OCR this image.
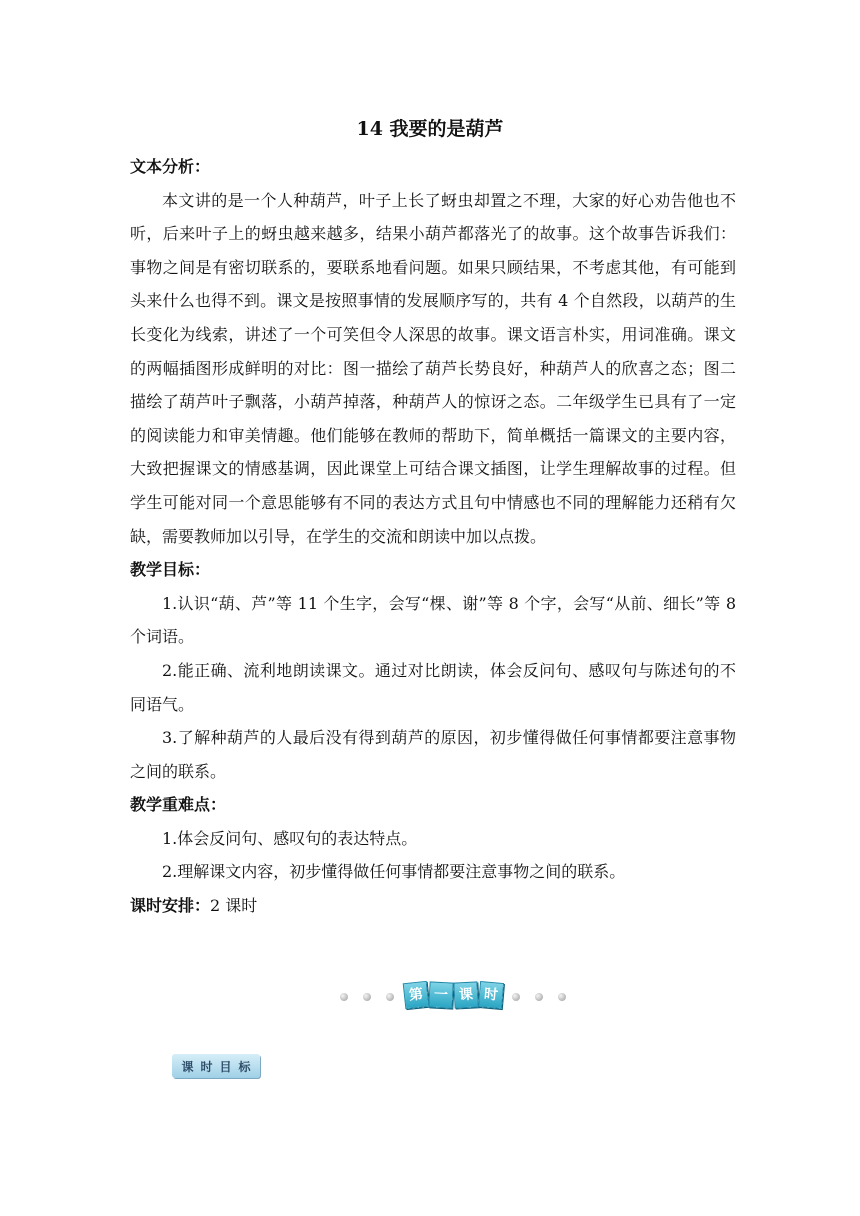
14 我要的是葫芦
文本分析：

本文讲的是一个人种葫芦，叶子上长了蚜虫却置之不理，大家的好心劝告他也不听，后来叶子上的蚜虫越来越多，结果小葫芦都落光了的故事。这个故事告诉我们：事物之间是有密切联系的，要联系地看问题。如果只顾结果，不考虑其他，有可能到头来什么也得不到。课文是按照事情的发展顺序写的，共有 4 个自然段，以葫芦的生长变化为线索，讲述了一个可笑但令人深思的故事。课文语言朴实，用词准确。课文的两幅插图形成鲜明的对比：图一描绘了葫芦长势良好，种葫芦人的欣喜之态；图二描绘了葫芦叶子飘落，小葫芦掉落，种葫芦人的惊讶之态。二年级学生已具有了一定的阅读能力和审美情趣。他们能够在教师的帮助下，简单概括一篇课文的主要内容，大致把握课文的情感基调，因此课堂上可结合课文插图，让学生理解故事的过程。但学生可能对同一个意思能够有不同的表达方式且句中情感也不同的理解能力还稍有欠缺，需要教师加以引导，在学生的交流和朗读中加以点拨。

教学目标：

1.认识“葫、芦”等 11 个生字，会写“棵、谢”等 8 个字，会写“从前、细长”等 8 个词语。

2.能正确、流利地朗读课文。通过对比朗读，体会反问句、感叹句与陈述句的不同语气。

3.了解种葫芦的人最后没有得到葫芦的原因，初步懂得做任何事情都要注意事物之间的联系。

教学重难点：

1.体会反问句、感叹句的表达特点。

2.理解课文内容，初步懂得做任何事情都要注意事物之间的联系。

课时安排：2 课时

第 一 课 时
课 时 目 标
